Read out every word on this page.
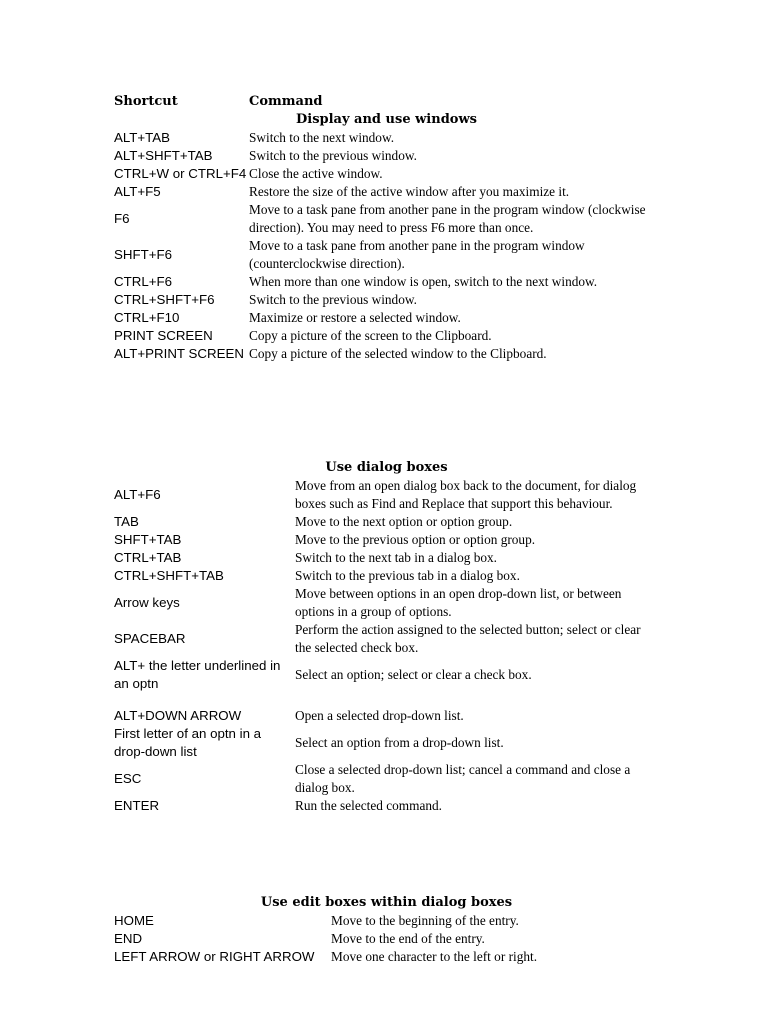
Shortcut	Command
Display and use windows	
ALT+TAB	Switch to the next window.
ALT+SHFT+TAB	Switch to the previous window.
CTRL+W or CTRL+F4	Close the active window.
ALT+F5	Restore the size of the active window after you maximize it.
F6	Move to a task pane from another pane in the program window (clockwise direction). You may need to press F6 more than once.
SHFT+F6	Move to a task pane from another pane in the program window (counterclockwise direction).
CTRL+F6	When more than one window is open, switch to the next window.
CTRL+SHFT+F6	Switch to the previous window.
CTRL+F10	Maximize or restore a selected window.
PRINT SCREEN	Copy a picture of the screen to the Clipboard.
ALT+PRINT SCREEN	Copy a picture of the selected window to the Clipboard.
Use dialog boxes	
ALT+F6	Move from an open dialog box back to the document, for dialog boxes such as Find and Replace that support this behaviour.
TAB	Move to the next option or option group.
SHFT+TAB	Move to the previous option or option group.
CTRL+TAB	Switch to the next tab in a dialog box.
CTRL+SHFT+TAB	Switch to the previous tab in a dialog box.
Arrow keys	Move between options in an open drop-down list, or between options in a group of options.
SPACEBAR	Perform the action assigned to the selected button; select or clear the selected check box.
ALT+ the letter underlined in an optn	Select an option; select or clear a check box.

ALT+DOWN ARROW	Open a selected drop-down list.
First letter of an optn in a drop-down list	Select an option from a drop-down list.
ESC	Close a selected drop-down list; cancel a command and close a dialog box.
ENTER	Run the selected command.
Use edit boxes within dialog boxes	
HOME	Move to the beginning of the entry.
END	Move to the end of the entry.
LEFT ARROW or RIGHT ARROW	Move one character to the left or right.
